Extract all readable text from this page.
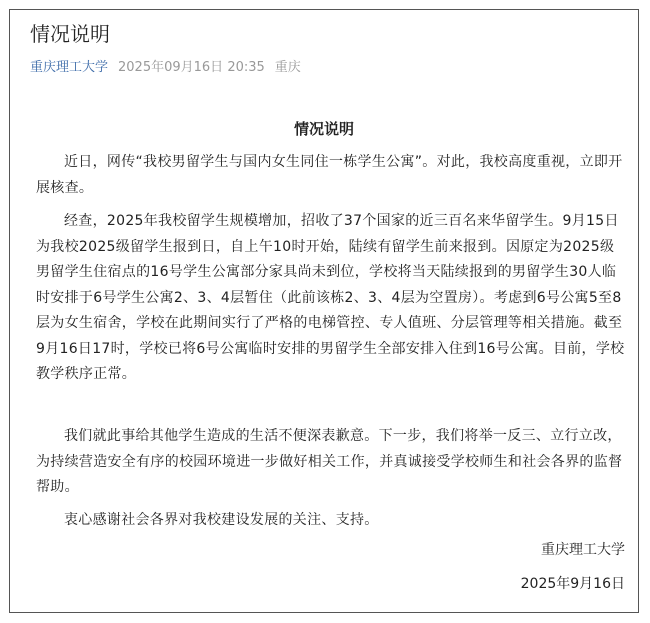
情况说明
重庆理工大学 2025年09月16日 20:35 重庆
情况说明

近日，网传“我校男留学生与国内女生同住一栋学生公寓”。对此，我校高度重视，立即开展核查。

经查，2025年我校留学生规模增加，招收了37个国家的近三百名来华留学生。9月15日为我校2025级留学生报到日，自上午10时开始，陆续有留学生前来报到。因原定为2025级男留学生住宿点的16号学生公寓部分家具尚未到位，学校将当天陆续报到的男留学生30人临时安排于6号学生公寓2、3、4层暂住（此前该栋2、3、4层为空置房）。考虑到6号公寓5至8层为女生宿舍，学校在此期间实行了严格的电梯管控、专人值班、分层管理等相关措施。截至9月16日17时，学校已将6号公寓临时安排的男留学生全部安排入住到16号公寓。目前，学校教学秩序正常。

我们就此事给其他学生造成的生活不便深表歉意。下一步，我们将举一反三、立行立改，为持续营造安全有序的校园环境进一步做好相关工作，并真诚接受学校师生和社会各界的监督帮助。

衷心感谢社会各界对我校建设发展的关注、支持。

重庆理工大学
2025年9月16日
